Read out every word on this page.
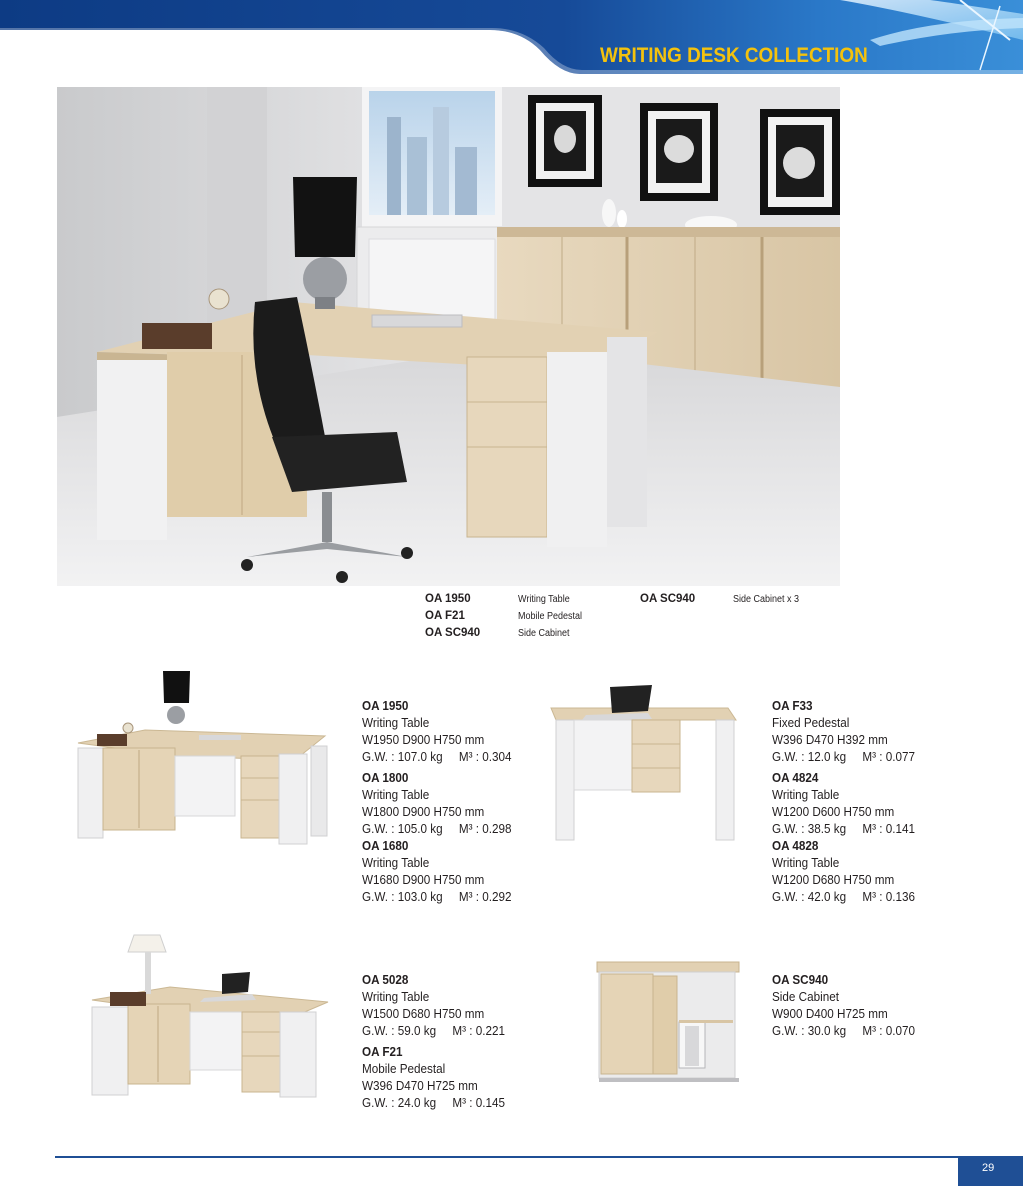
WRITING DESK COLLECTION
OA 1950	Writing Table
OA F21	Mobile Pedestal
OA SC940	Side Cabinet
OA SC940	Side Cabinet x 3
OA 1950
Writing Table
W1950 D900 H750 mm
G.W. : 107.0 kg M³ : 0.304
OA 1800
Writing Table
W1800 D900 H750 mm
G.W. : 105.0 kg M³ : 0.298
OA 1680
Writing Table
W1680 D900 H750 mm
G.W. : 103.0 kg M³ : 0.292
OA F33
Fixed Pedestal
W396 D470 H392 mm
G.W. : 12.0 kg M³ : 0.077
OA 4824
Writing Table
W1200 D600 H750 mm
G.W. : 38.5 kg M³ : 0.141
OA 4828
Writing Table
W1200 D680 H750 mm
G.W. : 42.0 kg M³ : 0.136
OA 5028
Writing Table
W1500 D680 H750 mm
G.W. : 59.0 kg M³ : 0.221
OA F21
Mobile Pedestal
W396 D470 H725 mm
G.W. : 24.0 kg M³ : 0.145
OA SC940
Side Cabinet
W900 D400 H725 mm
G.W. : 30.0 kg M³ : 0.070
29
